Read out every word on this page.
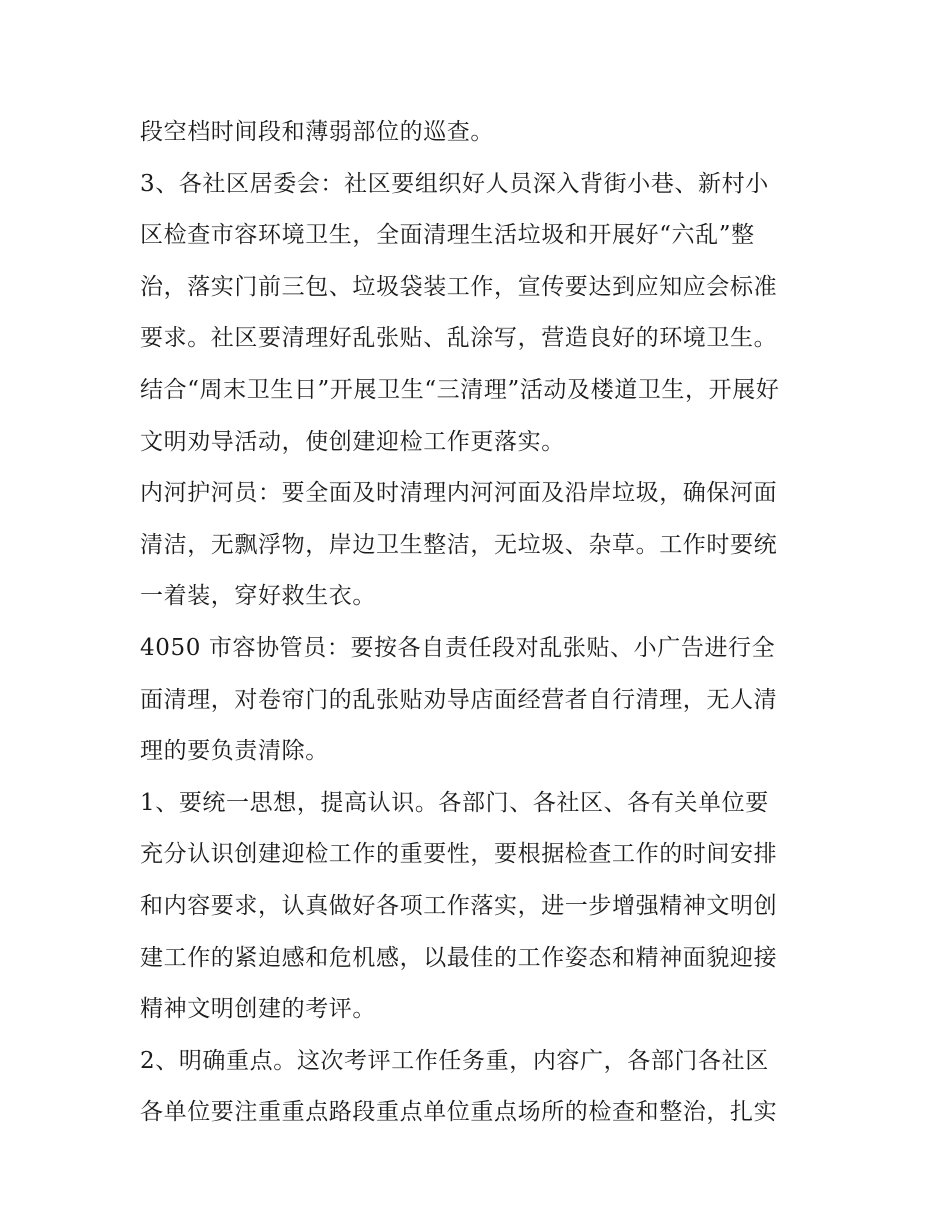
段空档时间段和薄弱部位的巡查。
3、各社区居委会：社区要组织好人员深入背街小巷、新村小
区检查市容环境卫生，全面清理生活垃圾和开展好“六乱”整
治，落实门前三包、垃圾袋装工作，宣传要达到应知应会标准
要求。社区要清理好乱张贴、乱涂写，营造良好的环境卫生。
结合“周末卫生日”开展卫生“三清理”活动及楼道卫生，开展好
文明劝导活动，使创建迎检工作更落实。
内河护河员：要全面及时清理内河河面及沿岸垃圾，确保河面
清洁，无飘浮物，岸边卫生整洁，无垃圾、杂草。工作时要统
一着装，穿好救生衣。
4050 市容协管员：要按各自责任段对乱张贴、小广告进行全
面清理，对卷帘门的乱张贴劝导店面经营者自行清理，无人清
理的要负责清除。
1、要统一思想，提高认识。各部门、各社区、各有关单位要
充分认识创建迎检工作的重要性，要根据检查工作的时间安排
和内容要求，认真做好各项工作落实，进一步增强精神文明创
建工作的紧迫感和危机感，以最佳的工作姿态和精神面貌迎接
精神文明创建的考评。
2、明确重点。这次考评工作任务重，内容广，各部门各社区
各单位要注重重点路段重点单位重点场所的检查和整治，扎实
